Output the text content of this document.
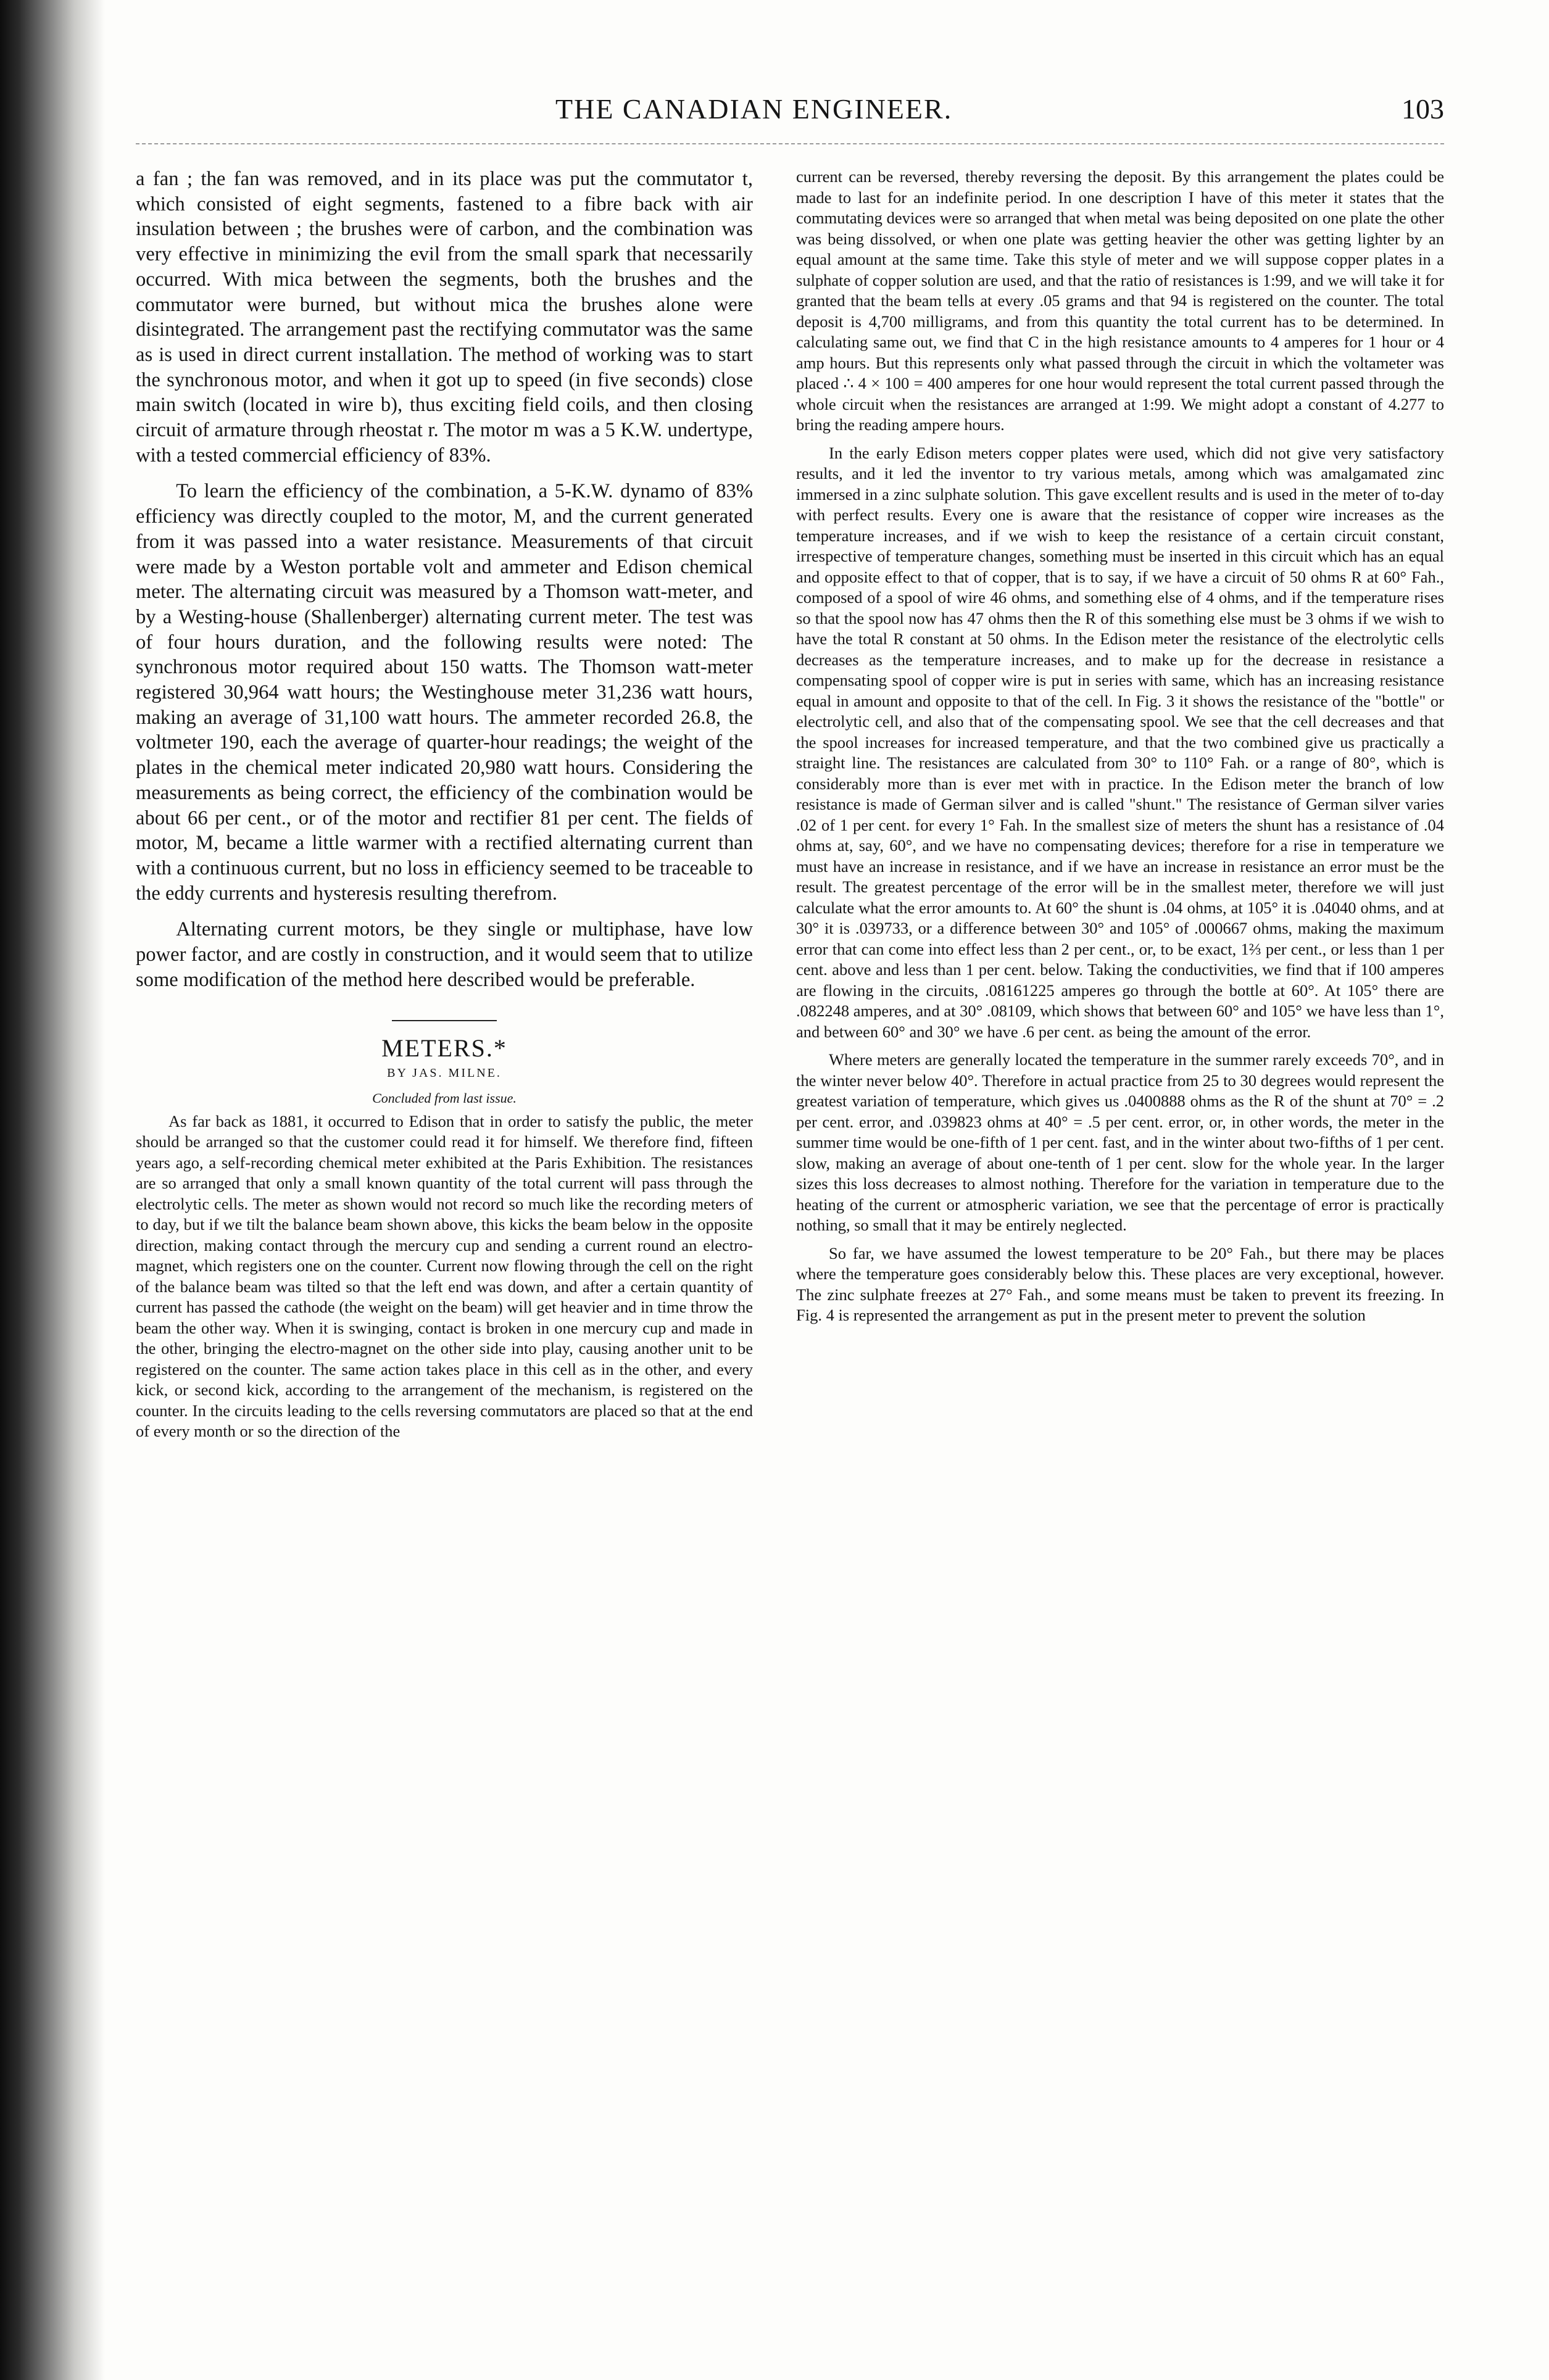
THE CANADIAN ENGINEER.	103

a fan ; the fan was removed, and in its place was put the commutator t, which consisted of eight segments, fastened to a fibre back with air insulation between ; the brushes were of carbon, and the combination was very effective in minimizing the evil from the small spark that necessarily occurred. With mica between the segments, both the brushes and the commutator were burned, but without mica the brushes alone were disintegrated. The arrangement past the rectifying commutator was the same as is used in direct current installation. The method of working was to start the synchronous motor, and when it got up to speed (in five seconds) close main switch (located in wire b), thus exciting field coils, and then closing circuit of armature through rheostat r. The motor m was a 5 K.W. undertype, with a tested commercial efficiency of 83%.

To learn the efficiency of the combination, a 5-K.W. dynamo of 83% efficiency was directly coupled to the motor, M, and the current generated from it was passed into a water resistance. Measurements of that circuit were made by a Weston portable volt and ammeter and Edison chemical meter. The alternating circuit was measured by a Thomson watt-meter, and by a Westing-house (Shallenberger) alternating current meter. The test was of four hours duration, and the following results were noted: The synchronous motor required about 150 watts. The Thomson watt-meter registered 30,964 watt hours; the Westinghouse meter 31,236 watt hours, making an average of 31,100 watt hours. The ammeter recorded 26.8, the voltmeter 190, each the average of quarter-hour readings; the weight of the plates in the chemical meter indicated 20,980 watt hours. Considering the measurements as being correct, the efficiency of the combination would be about 66 per cent., or of the motor and rectifier 81 per cent. The fields of motor, M, became a little warmer with a rectified alternating current than with a continuous current, but no loss in efficiency seemed to be traceable to the eddy currents and hysteresis resulting therefrom.

Alternating current motors, be they single or multiphase, have low power factor, and are costly in construction, and it would seem that to utilize some modification of the method here described would be preferable.

METERS.*

BY JAS. MILNE.

Concluded from last issue.

As far back as 1881, it occurred to Edison that in order to satisfy the public, the meter should be arranged so that the customer could read it for himself. We therefore find, fifteen years ago, a self-recording chemical meter exhibited at the Paris Exhibition. The resistances are so arranged that only a small known quantity of the total current will pass through the electrolytic cells. The meter as shown would not record so much like the recording meters of to day, but if we tilt the balance beam shown above, this kicks the beam below in the opposite direction, making contact through the mercury cup and sending a current round an electro-magnet, which registers one on the counter. Current now flowing through the cell on the right of the balance beam was tilted so that the left end was down, and after a certain quantity of current has passed the cathode (the weight on the beam) will get heavier and in time throw the beam the other way. When it is swinging, contact is broken in one mercury cup and made in the other, bringing the electro-magnet on the other side into play, causing another unit to be registered on the counter. The same action takes place in this cell as in the other, and every kick, or second kick, according to the arrangement of the mechanism, is registered on the counter. In the circuits leading to the cells reversing commutators are placed so that at the end of every month or so the direction of the

current can be reversed, thereby reversing the deposit. By this arrangement the plates could be made to last for an indefinite period. In one description I have of this meter it states that the commutating devices were so arranged that when metal was being deposited on one plate the other was being dissolved, or when one plate was getting heavier the other was getting lighter by an equal amount at the same time. Take this style of meter and we will suppose copper plates in a sulphate of copper solution are used, and that the ratio of resistances is 1:99, and we will take it for granted that the beam tells at every .05 grams and that 94 is registered on the counter. The total deposit is 4,700 milligrams, and from this quantity the total current has to be determined. In calculating same out, we find that C in the high resistance amounts to 4 amperes for 1 hour or 4 amp hours. But this represents only what passed through the circuit in which the voltameter was placed ∴ 4 × 100 = 400 amperes for one hour would represent the total current passed through the whole circuit when the resistances are arranged at 1:99. We might adopt a constant of 4.277 to bring the reading ampere hours.

In the early Edison meters copper plates were used, which did not give very satisfactory results, and it led the inventor to try various metals, among which was amalgamated zinc immersed in a zinc sulphate solution. This gave excellent results and is used in the meter of to-day with perfect results. Every one is aware that the resistance of copper wire increases as the temperature increases, and if we wish to keep the resistance of a certain circuit constant, irrespective of temperature changes, something must be inserted in this circuit which has an equal and opposite effect to that of copper, that is to say, if we have a circuit of 50 ohms R at 60° Fah., composed of a spool of wire 46 ohms, and something else of 4 ohms, and if the temperature rises so that the spool now has 47 ohms then the R of this something else must be 3 ohms if we wish to have the total R constant at 50 ohms. In the Edison meter the resistance of the electrolytic cells decreases as the temperature increases, and to make up for the decrease in resistance a compensating spool of copper wire is put in series with same, which has an increasing resistance equal in amount and opposite to that of the cell. In Fig. 3 it shows the resistance of the "bottle" or electrolytic cell, and also that of the compensating spool. We see that the cell decreases and that the spool increases for increased temperature, and that the two combined give us practically a straight line. The resistances are calculated from 30° to 110° Fah. or a range of 80°, which is considerably more than is ever met with in practice. In the Edison meter the branch of low resistance is made of German silver and is called "shunt." The resistance of German silver varies .02 of 1 per cent. for every 1° Fah. In the smallest size of meters the shunt has a resistance of .04 ohms at, say, 60°, and we have no compensating devices; therefore for a rise in temperature we must have an increase in resistance, and if we have an increase in resistance an error must be the result. The greatest percentage of the error will be in the smallest meter, therefore we will just calculate what the error amounts to. At 60° the shunt is .04 ohms, at 105° it is .04040 ohms, and at 30° it is .039733, or a difference between 30° and 105° of .000667 ohms, making the maximum error that can come into effect less than 2 per cent., or, to be exact, 1⅔ per cent., or less than 1 per cent. above and less than 1 per cent. below. Taking the conductivities, we find that if 100 amperes are flowing in the circuits, .08161225 amperes go through the bottle at 60°. At 105° there are .082248 amperes, and at 30° .08109, which shows that between 60° and 105° we have less than 1°, and between 60° and 30° we have .6 per cent. as being the amount of the error.

Where meters are generally located the temperature in the summer rarely exceeds 70°, and in the winter never below 40°. Therefore in actual practice from 25 to 30 degrees would represent the greatest variation of temperature, which gives us .0400888 ohms as the R of the shunt at 70° = .2 per cent. error, and .039823 ohms at 40° = .5 per cent. error, or, in other words, the meter in the summer time would be one-fifth of 1 per cent. fast, and in the winter about two-fifths of 1 per cent. slow, making an average of about one-tenth of 1 per cent. slow for the whole year. In the larger sizes this loss decreases to almost nothing. Therefore for the variation in temperature due to the heating of the current or atmospheric variation, we see that the percentage of error is practically nothing, so small that it may be entirely neglected.

So far, we have assumed the lowest temperature to be 20° Fah., but there may be places where the temperature goes considerably below this. These places are very exceptional, however. The zinc sulphate freezes at 27° Fah., and some means must be taken to prevent its freezing. In Fig. 4 is represented the arrangement as put in the present meter to prevent the solution
